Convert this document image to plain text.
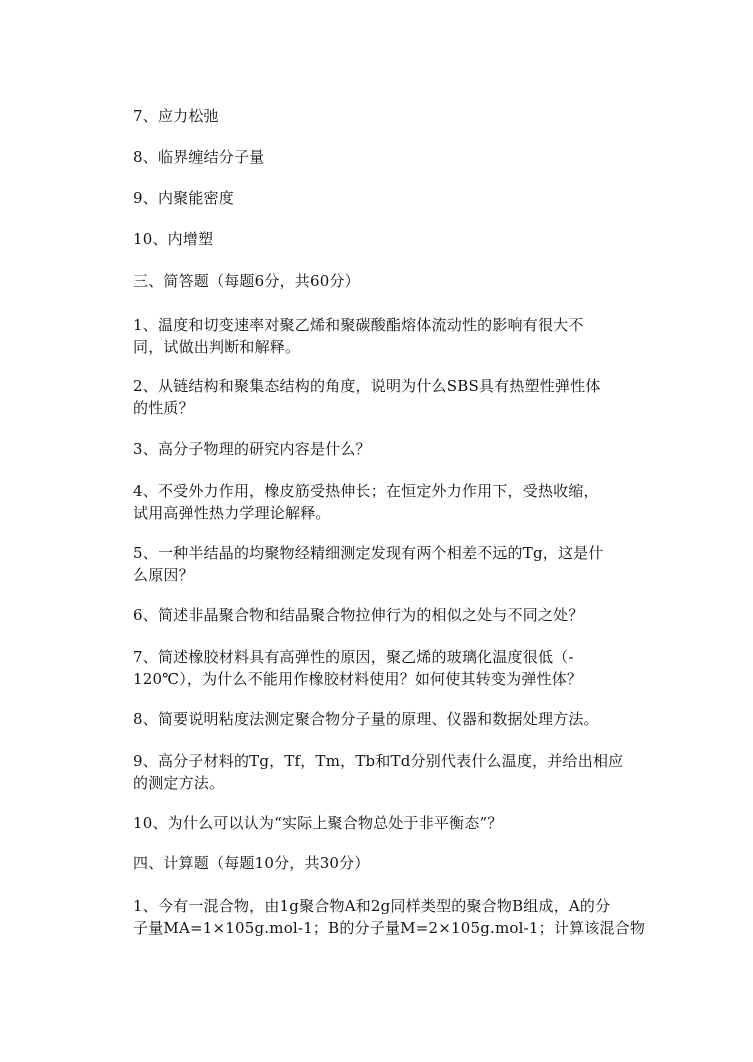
7、应力松弛
8、临界缠结分子量
9、内聚能密度
10、内增塑
三、简答题（每题6分，共60分）
1、温度和切变速率对聚乙烯和聚碳酸酯熔体流动性的影响有很大不
同，试做出判断和解释。
2、从链结构和聚集态结构的角度，说明为什么SBS具有热塑性弹性体
的性质？
3、高分子物理的研究内容是什么？
4、不受外力作用，橡皮筋受热伸长；在恒定外力作用下，受热收缩，
试用高弹性热力学理论解释。
5、一种半结晶的均聚物经精细测定发现有两个相差不远的Tg，这是什
么原因？
6、简述非晶聚合物和结晶聚合物拉伸行为的相似之处与不同之处？
7、简述橡胶材料具有高弹性的原因，聚乙烯的玻璃化温度很低（-
120℃），为什么不能用作橡胶材料使用？如何使其转变为弹性体？
8、简要说明粘度法测定聚合物分子量的原理、仪器和数据处理方法。
9、高分子材料的Tg，Tf，Tm，Tb和Td分别代表什么温度，并给出相应
的测定方法。
10、为什么可以认为“实际上聚合物总处于非平衡态”？
四、计算题（每题10分，共30分）
1、今有一混合物，由1g聚合物A和2g同样类型的聚合物B组成，A的分
子量MA=1×105g.mol-1；B的分子量M=2×105g.mol-1；计算该混合物
